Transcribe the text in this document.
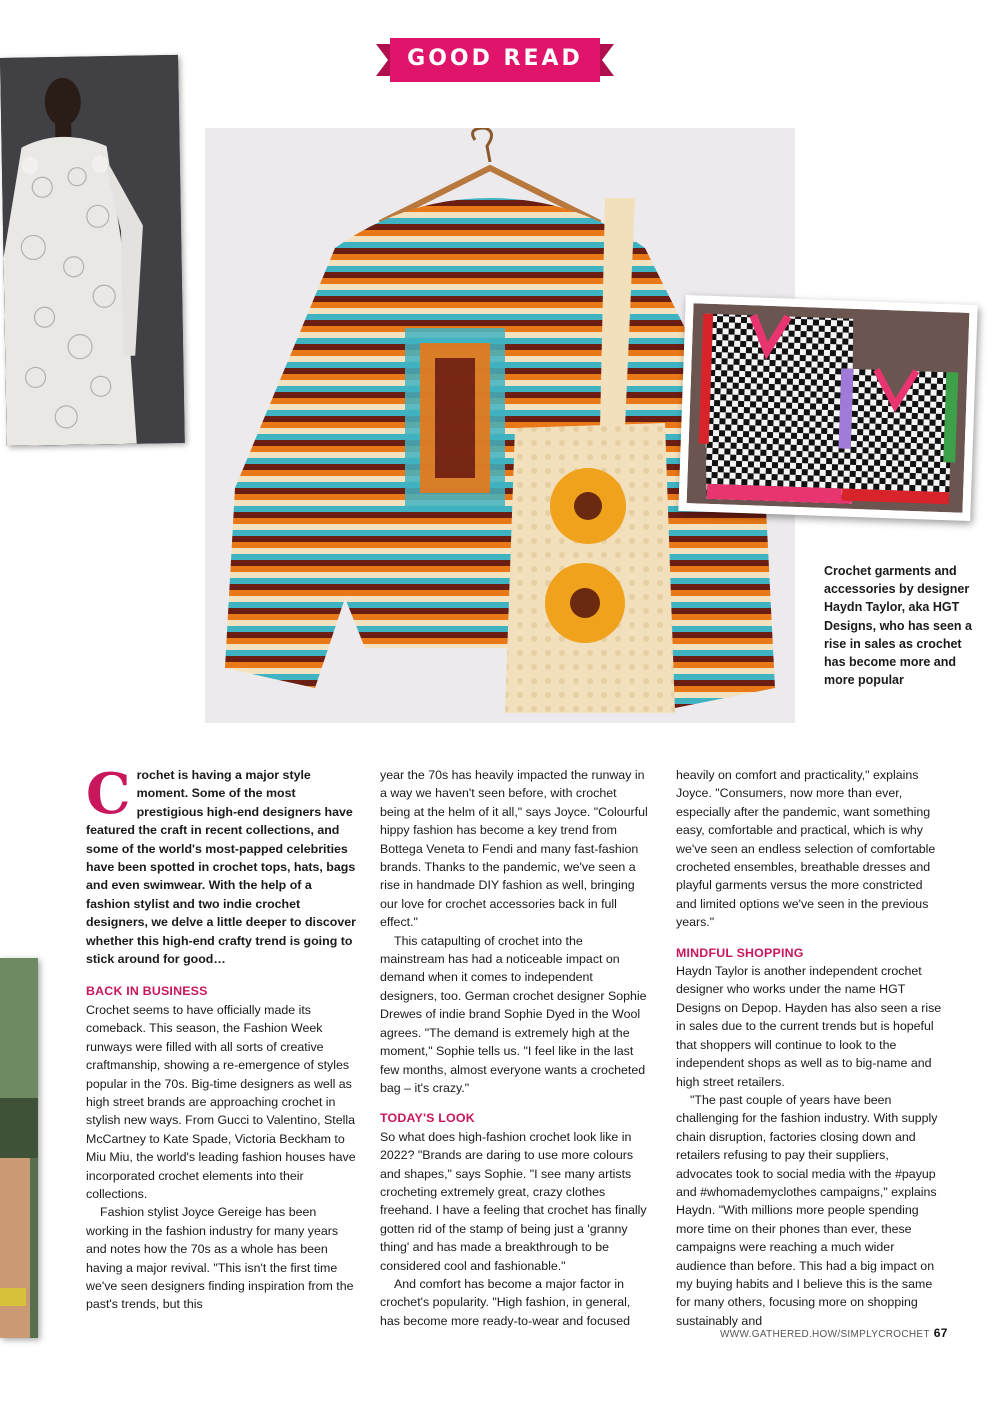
GOOD READ
Crochet garments and accessories by designer Haydn Taylor, aka HGT Designs, who has seen a rise in sales as crochet has become more and more popular

Crochet is having a major style moment. Some of the most prestigious high-end designers have featured the craft in recent collections, and some of the world's most-papped celebrities have been spotted in crochet tops, hats, bags and even swimwear. With the help of a fashion stylist and two indie crochet designers, we delve a little deeper to discover whether this high-end crafty trend is going to stick around for good…

BACK IN BUSINESS

Crochet seems to have officially made its comeback. This season, the Fashion Week runways were filled with all sorts of creative craftmanship, showing a re-emergence of styles popular in the 70s. Big-time designers as well as high street brands are approaching crochet in stylish new ways. From Gucci to Valentino, Stella McCartney to Kate Spade, Victoria Beckham to Miu Miu, the world's leading fashion houses have incorporated crochet elements into their collections.

Fashion stylist Joyce Gereige has been working in the fashion industry for many years and notes how the 70s as a whole has been having a major revival. "This isn't the first time we've seen designers finding inspiration from the past's trends, but this

year the 70s has heavily impacted the runway in a way we haven't seen before, with crochet being at the helm of it all," says Joyce. "Colourful hippy fashion has become a key trend from Bottega Veneta to Fendi and many fast-fashion brands. Thanks to the pandemic, we've seen a rise in handmade DIY fashion as well, bringing our love for crochet accessories back in full effect."

This catapulting of crochet into the mainstream has had a noticeable impact on demand when it comes to independent designers, too. German crochet designer Sophie Drewes of indie brand Sophie Dyed in the Wool agrees. "The demand is extremely high at the moment," Sophie tells us. "I feel like in the last few months, almost everyone wants a crocheted bag – it's crazy."

TODAY'S LOOK

So what does high-fashion crochet look like in 2022? "Brands are daring to use more colours and shapes," says Sophie. "I see many artists crocheting extremely great, crazy clothes freehand. I have a feeling that crochet has finally gotten rid of the stamp of being just a 'granny thing' and has made a breakthrough to be considered cool and fashionable."

And comfort has become a major factor in crochet's popularity. "High fashion, in general, has become more ready-to-wear and focused

heavily on comfort and practicality," explains Joyce. "Consumers, now more than ever, especially after the pandemic, want something easy, comfortable and practical, which is why we've seen an endless selection of comfortable crocheted ensembles, breathable dresses and playful garments versus the more constricted and limited options we've seen in the previous years."

MINDFUL SHOPPING

Haydn Taylor is another independent crochet designer who works under the name HGT Designs on Depop. Hayden has also seen a rise in sales due to the current trends but is hopeful that shoppers will continue to look to the independent shops as well as to big-name and high street retailers.

"The past couple of years have been challenging for the fashion industry. With supply chain disruption, factories closing down and retailers refusing to pay their suppliers, advocates took to social media with the #payup and #whomademyclothes campaigns," explains Haydn. "With millions more people spending more time on their phones than ever, these campaigns were reaching a much wider audience than before. This had a big impact on my buying habits and I believe this is the same for many others, focusing more on shopping sustainably and

WWW.GATHERED.HOW/SIMPLYCROCHET 67
